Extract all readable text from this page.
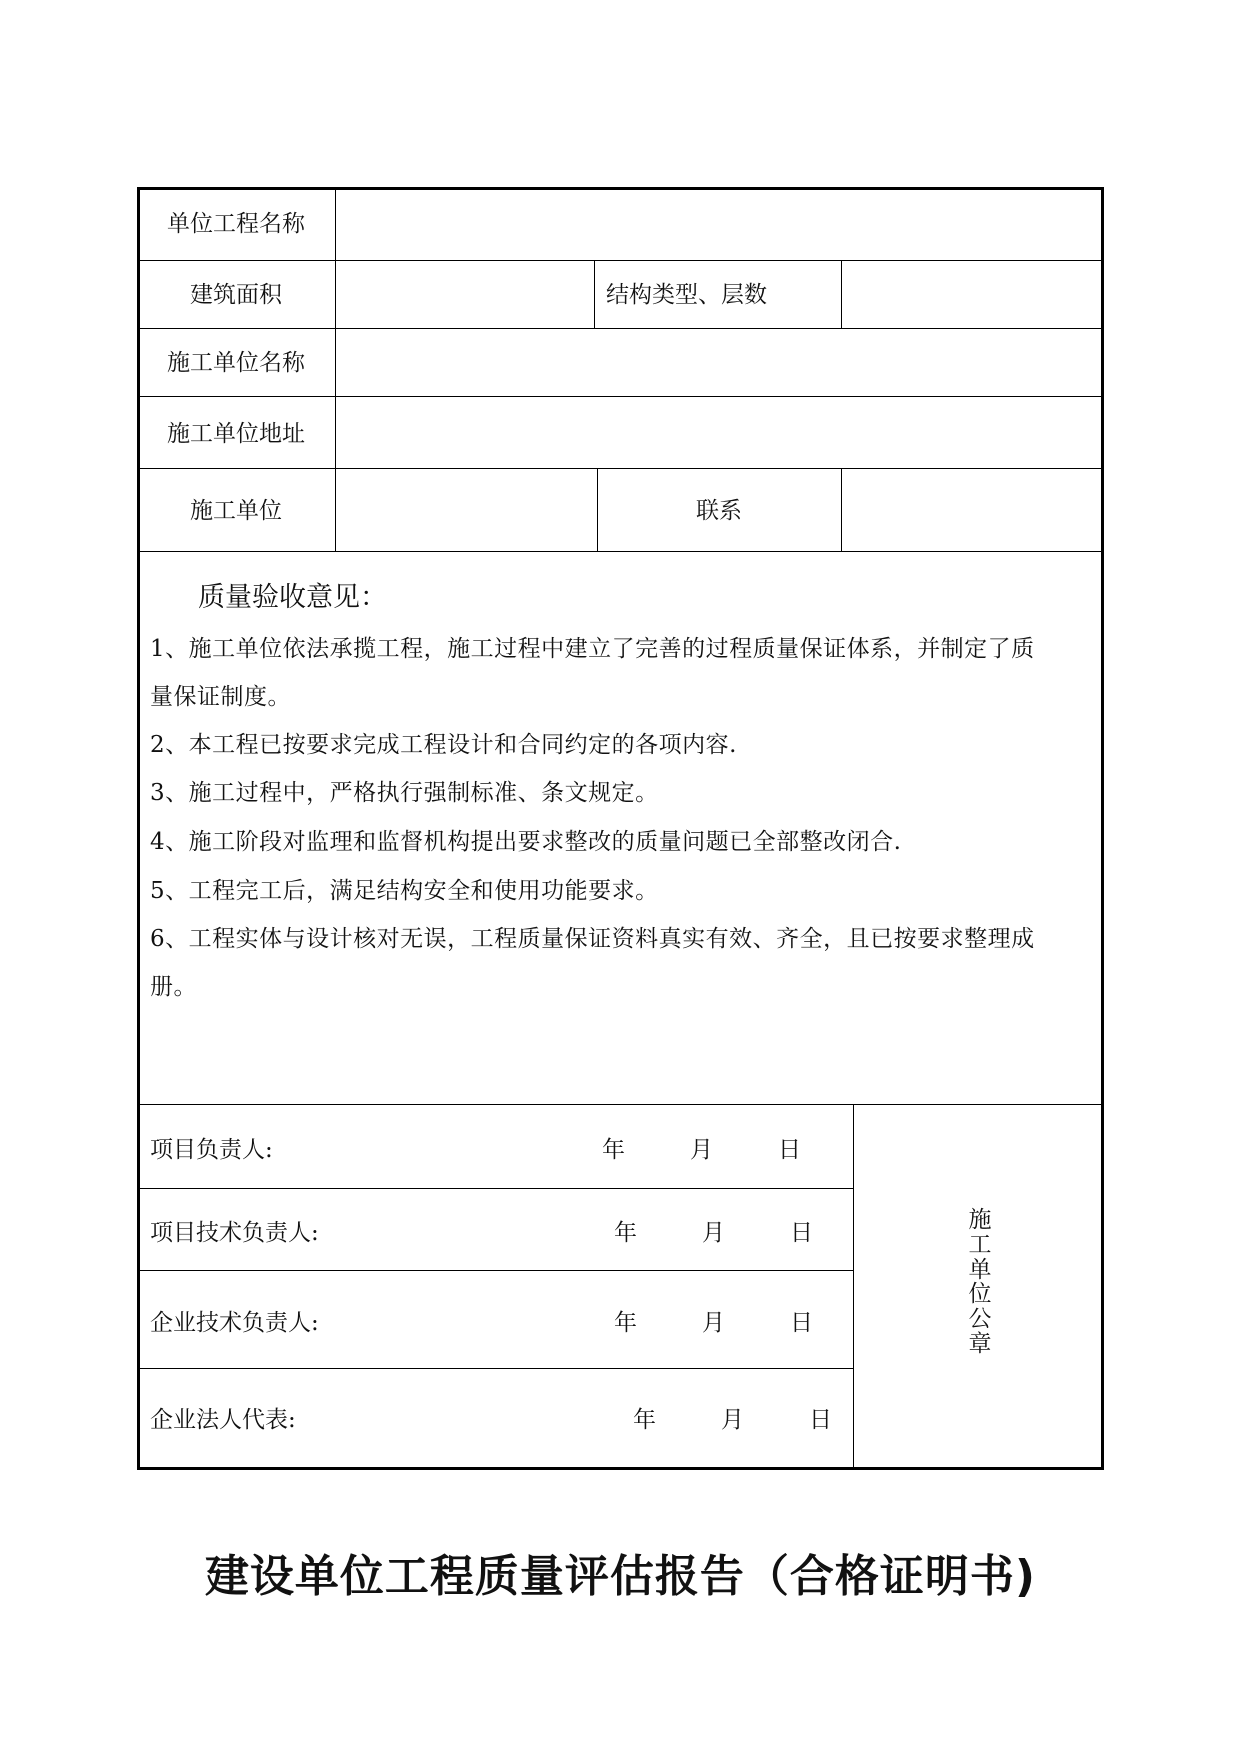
单位工程名称
建筑面积	结构类型、层数
施工单位名称
施工单位地址
施工单位	联系
质量验收意见：
1、施工单位依法承揽工程，施工过程中建立了完善的过程质量保证体系，并制定了质
量保证制度。
2、本工程已按要求完成工程设计和合同约定的各项内容.
3、施工过程中，严格执行强制标准、条文规定。
4、施工阶段对监理和监督机构提出要求整改的质量问题已全部整改闭合.
5、工程完工后，满足结构安全和使用功能要求。
6、工程实体与设计核对无误，工程质量保证资料真实有效、齐全，且已按要求整理成
册。
项目负责人:	年	月	日
项目技术负责人:	年	月	日
企业技术负责人:	年	月	日
企业法人代表:	年	月	日
施工单位公章
建设单位工程质量评估报告（合格证明书)
